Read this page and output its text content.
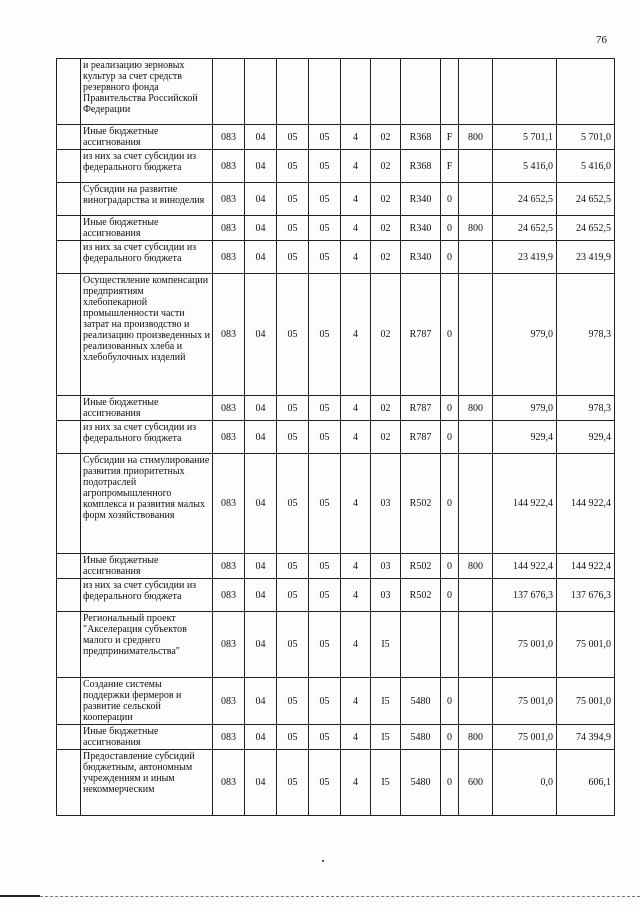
76
	и реализацию зерновых культур за счет средств резервного фонда Правительства Российской Федерации											
	Иные бюджетные ассигнования	083	04	05	05	4	02	R368	F	800	5 701,1	5 701,0
	из них за счет субсидии из федерального бюджета	083	04	05	05	4	02	R368	F		5 416,0	5 416,0
	Субсидии на развитие виноградарства и виноделия	083	04	05	05	4	02	R340	0		24 652,5	24 652,5
	Иные бюджетные ассигнования	083	04	05	05	4	02	R340	0	800	24 652,5	24 652,5
	из них за счет субсидии из федерального бюджета	083	04	05	05	4	02	R340	0		23 419,9	23 419,9
	Осуществление компенсации предприятиям хлебопекарной промышленности части затрат на производство и реализацию произведенных и реализованных хлеба и хлебобулочных изделий	083	04	05	05	4	02	R787	0		979,0	978,3
	Иные бюджетные ассигнования	083	04	05	05	4	02	R787	0	800	979,0	978,3
	из них за счет субсидии из федерального бюджета	083	04	05	05	4	02	R787	0		929,4	929,4
	Субсидии на стимулирование развития приоритетных подотраслей агропромышленного комплекса и развития малых форм хозяйствования	083	04	05	05	4	03	R502	0		144 922,4	144 922,4
	Иные бюджетные ассигнования	083	04	05	05	4	03	R502	0	800	144 922,4	144 922,4
	из них за счет субсидии из федерального бюджета	083	04	05	05	4	03	R502	0		137 676,3	137 676,3
	Региональный проект "Акселерация субъектов малого и среднего предпринимательства"	083	04	05	05	4	I5				75 001,0	75 001,0
	Создание системы поддержки фермеров и развитие сельской кооперации	083	04	05	05	4	I5	5480	0		75 001,0	75 001,0
	Иные бюджетные ассигнования	083	04	05	05	4	I5	5480	0	800	75 001,0	74 394,9
	Предоставление субсидий бюджетным, автономным учреждениям и иным некоммерческим	083	04	05	05	4	I5	5480	0	600	0,0	606,1
